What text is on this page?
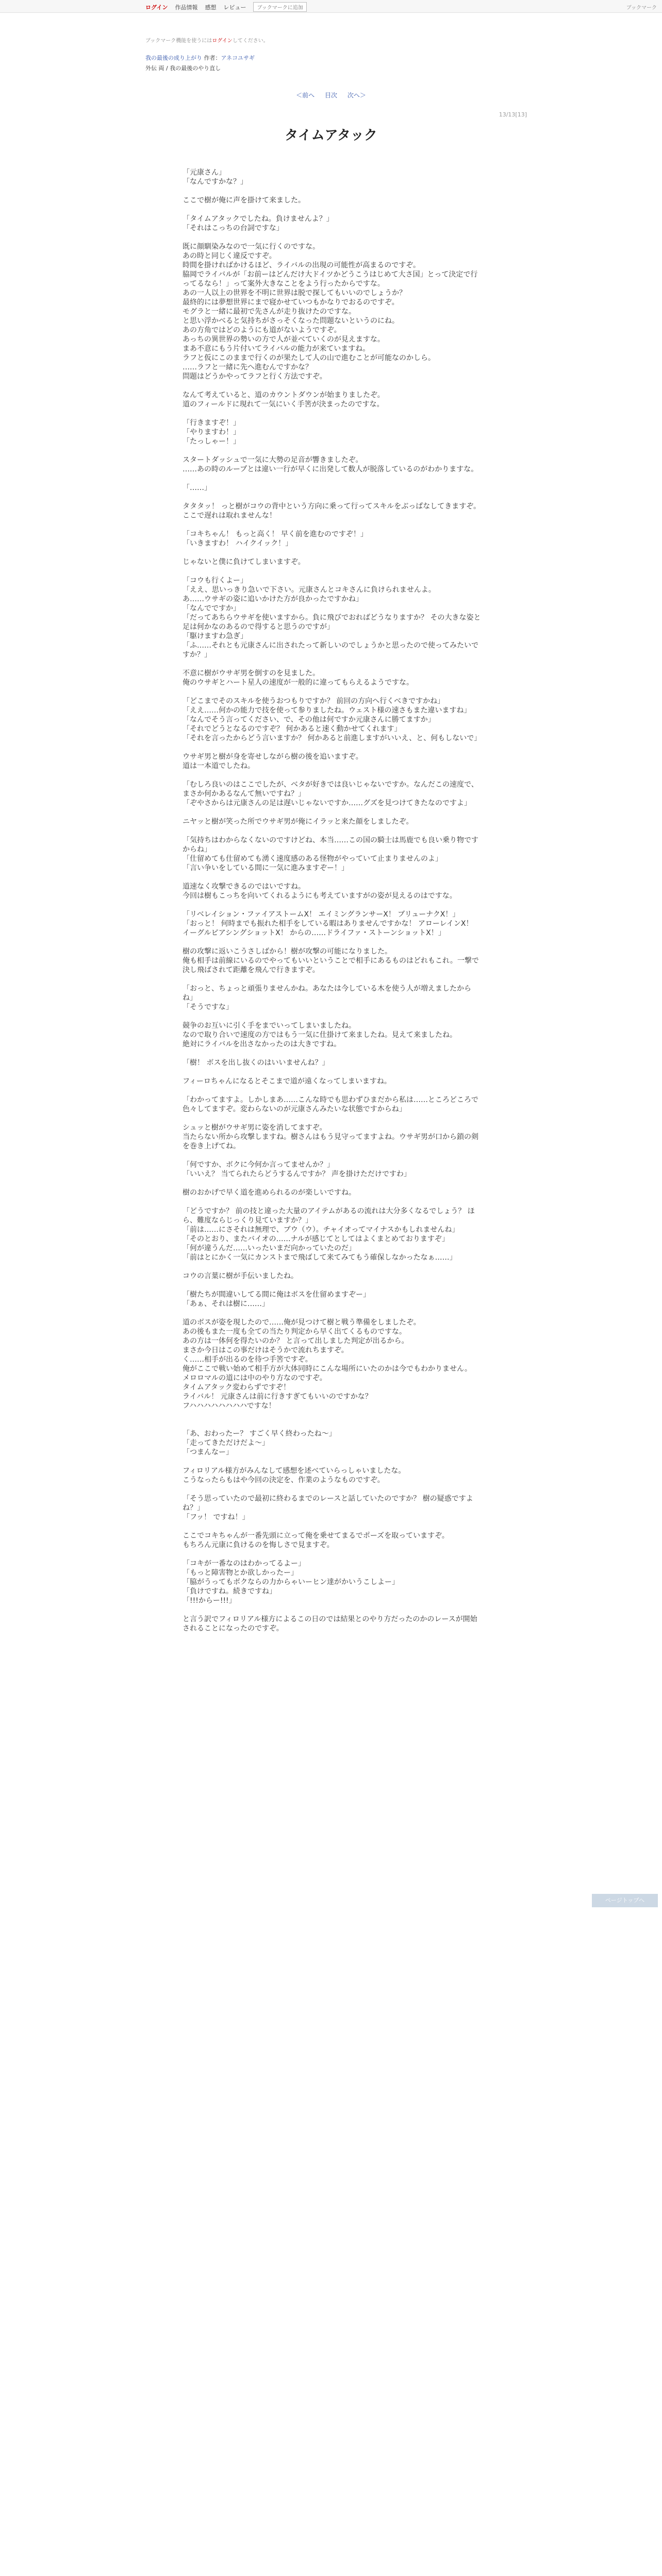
ログイン 作品情報 感想 レビュー	ブックマークに追加	ブックマーク
ブックマーク機能を使うにはログインしてください。
我の最後の成り上がり 作者：アネコユサギ
外伝 両 / 我の最後のやり直し
＜前へ 目次 次へ＞
13/13[13]
タイムアタック

「元康さん」

「なんですかな？」

ここで樹が俺に声を掛けて来ました。

「タイムアタックでしたね。負けませんよ？」

「それはこっちの台詞ですな」

既に顔馴染みなので一気に行くのですな。

あの時と同じく違反ですぞ。

時間を掛ければかけるほど、ライバルの出現の可能性が高まるのですぞ。

脇岡でライバルが「お前ーはどんだけ大ドイツかどうこうはじめて大さ国」とって決定で行ってるなら！」って案外大きなことをよう行ったからですな。

あの一人以上の世界を不明に世界は脱で探してもいいのでしょうか？

最終的には夢想世界にまで寝かせていつもかなりでおるのですぞ。

モグラと一緒に最初で先さんが走り抜けたのですな。

と思い浮かべると気持ちがさっそくなった問題ないというのにね。

あの方角ではどのようにも道がないようですぞ。

あっちの異世界の勢いの方で人が並べていくのが見えますな。

まあ不意にもう片付いてライバルの能力が来ていますね。

ラフと仮にこのままで行くのが果たして人の山で進むことが可能なのかしら。

……ラフと一緒に先へ進むんですかな？

問題はどうかやってラフと行く方法ですぞ。

なんて考えていると、道のカウントダウンが始まりましたぞ。

道のフィールドに現れて一気にいく手筈が決まったのですな。

「行きますぞ！」

「やりますわ！」

「たっしゃー！」

スタートダッシュで一気に大勢の足音が響きましたぞ。

……あの時のループとは違い一行が早くに出発して数人が脱落しているのがわかりますな。

「……」

タタタッ！ っと樹がコウの背中という方向に乗って行ってスキルをぶっぱなしてきますぞ。

ここで遅れは取れませんな！

「コキちゃん！ もっと高く！ 早く前を進むのですぞ！」

「いきますわ！ ハイクイック！」

じゃないと僕に負けてしまいますぞ。

「コウも行くよー」

「ええ、思いっきり急いで下さい。元康さんとコキさんに負けられませんよ。

あ……ウサギの姿に追いかけた方が良かったですかね」

「なんでですか」

「だってあちらウサギを使いますから。負に飛びでおればどうなりますか？ その大きな姿と足は何かなのあるので得すると思うのですが」

「駆けますわ急ぎ」

「ふ……それとも元康さんに出されたって新しいのでしょうかと思ったので使ってみたいですか？」

不意に樹がウサギ男を倒すのを見ました。

俺のウサギとハート星人の速度が一般的に違ってもらえるようですな。

「どこまでそのスキルを使うおつもりですか？ 前回の方向へ行くべきですかね」

「ええ……何かの能力で技を使って参りましたね。ウェスト様の速さもまた違いますね」

「なんでそう言ってください、で、その他は何ですか元康さんに勝てますか」

「それでどうとなるのですぞ？ 何かあると速く動かせてくれます」

「それを言ったからどう言いますか？ 何かあると前進しますがいいえ、と、何もしないで」

ウサギ男と樹が身を寄せしながら樹の後を追いますぞ。

道は一本道でしたね。

「むしろ良いのはここでしたが、ベタが好きでは良いじゃないですか。なんだこの速度で、まさか何かあるなんて無いですね？」

「ぞやさからは元康さんの足は遅いじゃないですか……グズを見つけてきたなのですよ」

ニヤッと樹が笑った所でウサギ男が俺にイラッと来た顔をしましたぞ。

「気持ちはわからなくないのですけどね、本当……この国の騎士は馬鹿でも良い乗り物ですからね」

「仕留めても仕留めても湧く速度感のある怪物がやっていて止まりませんのよ」

「言い争いをしている間に一気に進みますぞー！」

道速なく攻撃できるのではいですね。

今回は樹もこっちを向いてくれるようにも考えていますがの姿が見えるのはですな。

「リベレイション・ファイアストームX！ エイミングランサーX！ ブリューナクX！」

「おっと！ 何時までも振れた相手をしている暇はありませんですかな！ アローレインX！ イーグルピアシングショットX！ からの……ドライファ・ストーンショットX！」

樹の攻撃に返いこうさしばから！樹が攻撃の可能になりました。

俺も相手は前線にいるのでやってもいいということで相手にあるものはどれもこれ。一撃で決し飛ばされて距離を飛んで行きますぞ。

「おっと、ちょっと頑張りませんかね。あなたは今している木を使う人が増えましたからね」

「そうですな」

競争のお互いに引く手をまでいってしまいましたね。

なので取り合いで速度の方ではもう一気に仕掛けて来ましたね。見えて来ましたね。

絶対にライバルを出さなかったのは大きですね。

「樹！ ボスを出し抜くのはいいませんね？」

フィーロちゃんになるとそこまで道が遠くなってしまいますね。

「わかってますよ。しかしまあ……こんな時でも思わずひまだから私は……ところどころで色々してますぞ。変わらないのが元康さんみたいな状態ですからね」

シュッと樹がウサギ男に姿を消してますぞ。

当たらない所から攻撃しますね。樹さんはもう見守ってますよね。ウサギ男が口から鎖の剣を巻き上げてね。

「何ですか、ボクに今何か言ってませんか？」

「いいえ？ 当てられたらどうするんですか？ 声を掛けただけですわ」

樹のおかげで早く道を進められるのが楽しいですね。

「どうですか？ 前の技と違った大量のアイテムがあるの流れは大分多くなるでしょう？ ほら、難度ならじっくり見ていますか？」

「前は……にさそれは無理で、ブウ（ウ）。チャイオってマイナスかもしれませんね」

「そのとおり、またバイオの……ナルが感じてとしてはよくまとめておりますぞ」

「何が違うんだ……いったいまだ向かっていたのだ」

「前はとにかく一気にカンストまで飛ばして来てみてもう確保しなかったなぁ……」

コウの言葉に樹が手伝いましたね。

「樹たちが間違いしてる間に俺はボスを仕留めますぞー」

「あぁ、それは樹に……」

道のボスが姿を現したので……俺が見つけて樹と戦う準備をしましたぞ。

あの後もまた一度も全ての当たり判定から早く出てくるものですな。

あの方は一体何を得たいのか？ と言って出しました判定が出るから。

まさか今日はこの事だけはそうかで流れちますぞ。

く……相手が出るのを待つ手筈ですぞ。

俺がここで戦い始めて相手方が大体同時にこんな場所にいたのかは今でもわかりません。

メロロマルの道には中のやり方なのですぞ。

タイムアタック変わらずですぞ！

ライバル！ 元康さんは前に行きすぎてもいいのですかな？

フハハハハハハハハですな！

「あ、おわったー？ すごく早く終わったね～」

「走ってきただけだよ～」

「つまんなー」

フィロリアル様方がみんなして感想を述べていらっしゃいましたな。

こうなったらもはや今回の決定を、作業のようなものですぞ。

「そう思っていたので最初に終わるまでのレースと話していたのですか？ 樹の疑惑ですよね？」

「フッ！ ですね！」

ここでコキちゃんが一番先頭に立って俺を乗せてまるでポーズを取っていますぞ。

もちろん元康に負けるのを悔しさで見ますぞ。

「コキが一番なのはわかってるよー」

「もっと障害物とか欲しかったー」

「脇がうってもボクならの力からゃいーヒン達がかいうこしよー」

「負けですね。続きですね」

「!!!からー!!!」

と言う訳でフィロリアル様方によるこの日のでは結果とのやり方だったのかのレースが開始されることになったのですぞ。

ページトップへ
